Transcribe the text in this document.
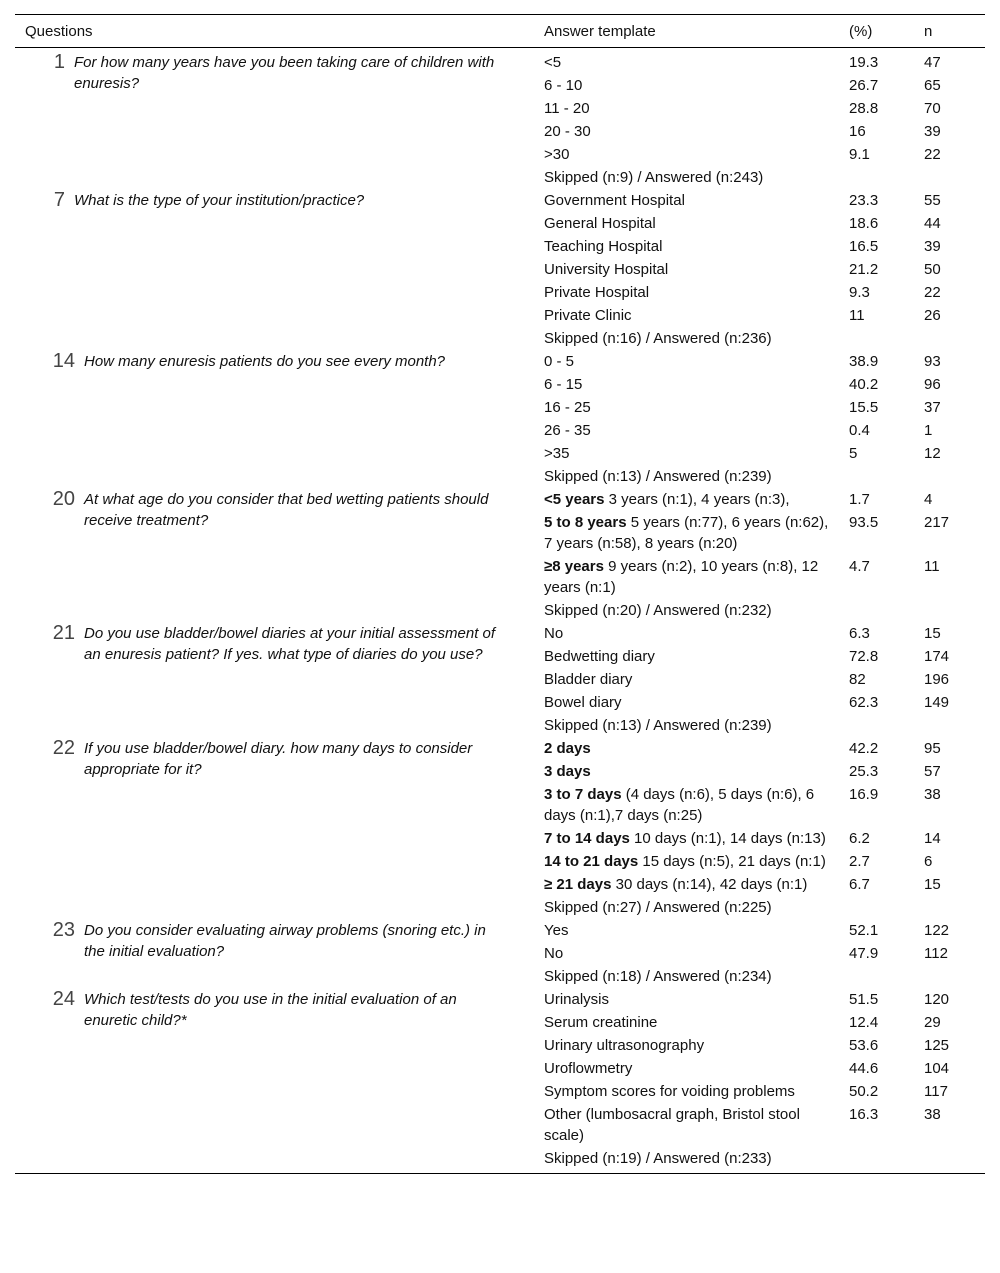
Questions	Answer template	(%)	n

1 For how many years have you been taking care of children with enuresis?	<5	19.3	47
	6 - 10	26.7	65
	11 - 20	28.8	70
	20 - 30	16	39
	>30	9.1	22
	Skipped (n:9) / Answered (n:243)		

7 What is the type of your institution/practice?	Government Hospital	23.3	55
	General Hospital	18.6	44
	Teaching Hospital	16.5	39
	University Hospital	21.2	50
	Private Hospital	9.3	22
	Private Clinic	11	26
	Skipped (n:16) / Answered (n:236)		

14 How many enuresis patients do you see every month?	0 - 5	38.9	93
	6 - 15	40.2	96
	16 - 25	15.5	37
	26 - 35	0.4	1
	>35	5	12
	Skipped (n:13) / Answered (n:239)		

20 At what age do you consider that bed wetting patients should receive treatment?	<5 years 3 years (n:1), 4 years (n:3),	1.7	4
	5 to 8 years 5 years (n:77), 6 years (n:62), 7 years (n:58), 8 years (n:20)	93.5	217
	≥8 years 9 years (n:2), 10 years (n:8), 12 years (n:1)	4.7	11
	Skipped (n:20) / Answered (n:232)		

21 Do you use bladder/bowel diaries at your initial assessment of an enuresis patient? If yes. what type of diaries do you use?	No	6.3	15
	Bedwetting diary	72.8	174
	Bladder diary	82	196
	Bowel diary	62.3	149
	Skipped (n:13) / Answered (n:239)		

22 If you use bladder/bowel diary. how many days to consider appropriate for it?	2 days	42.2	95
	3 days	25.3	57
	3 to 7 days (4 days (n:6), 5 days (n:6), 6 days (n:1),7 days (n:25)	16.9	38
	7 to 14 days 10 days (n:1), 14 days (n:13)	6.2	14
	14 to 21 days 15 days (n:5), 21 days (n:1)	2.7	6
	≥ 21 days 30 days (n:14), 42 days (n:1)	6.7	15
	Skipped (n:27) / Answered (n:225)		

23 Do you consider evaluating airway problems (snoring etc.) in the initial evaluation?	Yes	52.1	122
	No	47.9	112
	Skipped (n:18) / Answered (n:234)		

24 Which test/tests do you use in the initial evaluation of an enuretic child?*	Urinalysis	51.5	120
	Serum creatinine	12.4	29
	Urinary ultrasonography	53.6	125
	Uroflowmetry	44.6	104
	Symptom scores for voiding problems	50.2	117
	Other (lumbosacral graph, Bristol stool scale)	16.3	38
	Skipped (n:19) / Answered (n:233)		
